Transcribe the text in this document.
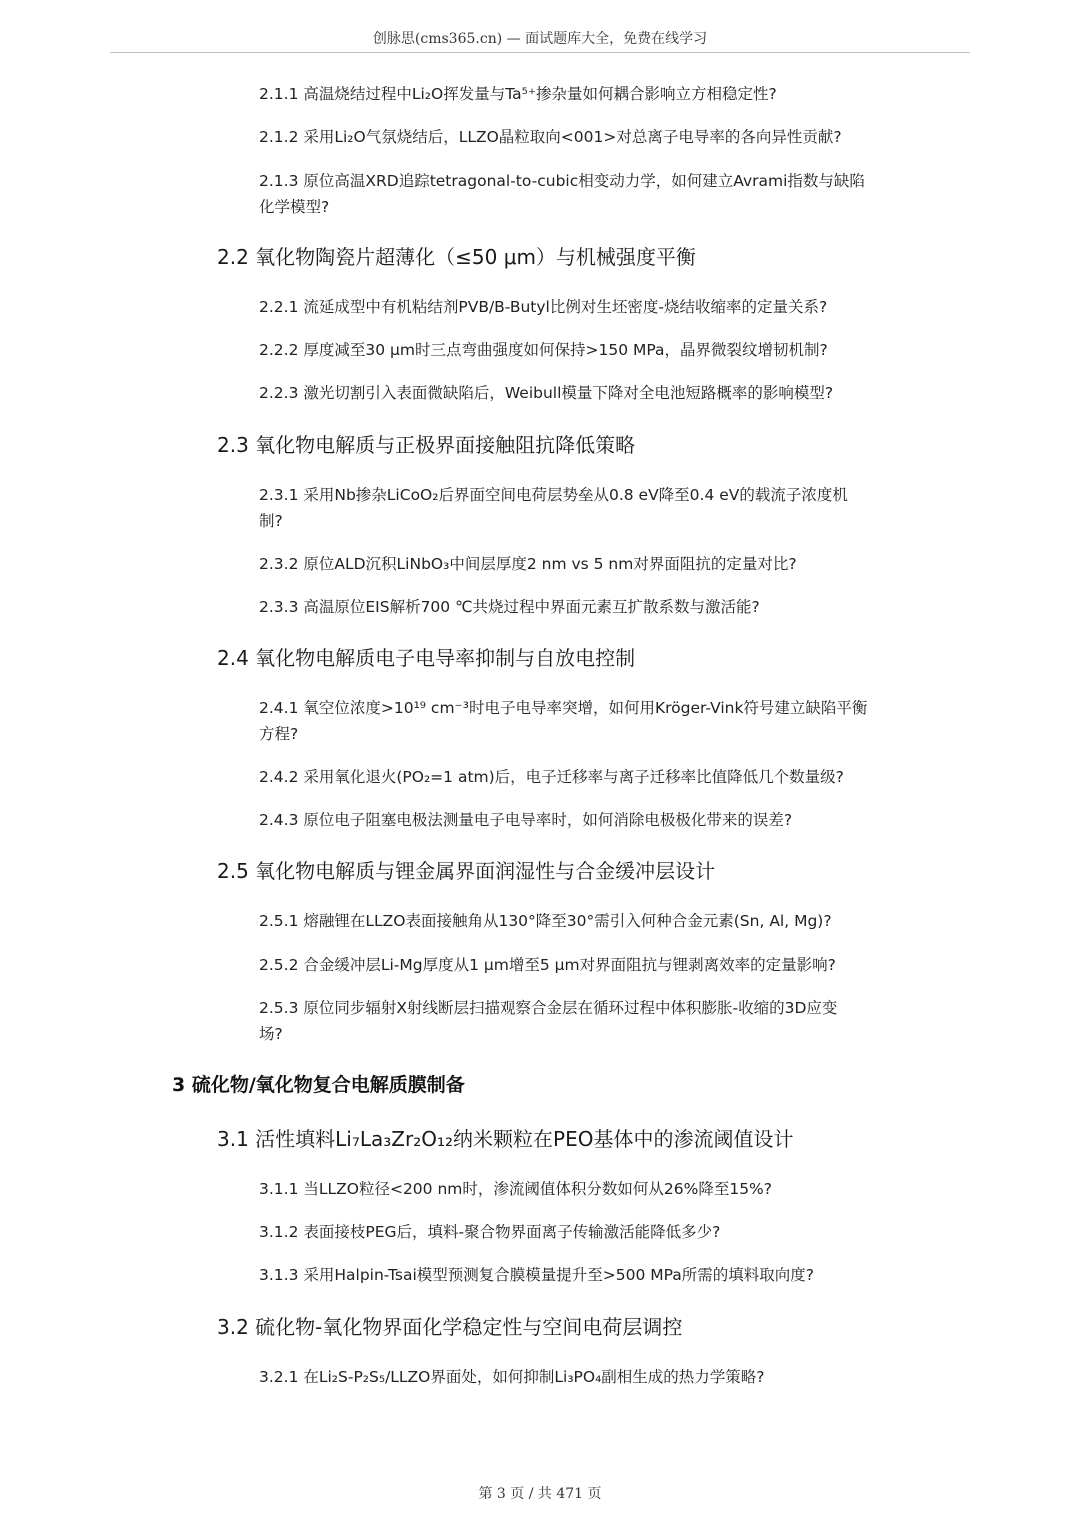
创脉思(cms365.cn) — 面试题库大全，免费在线学习
2.1.1 高温烧结过程中Li₂O挥发量与Ta⁵⁺掺杂量如何耦合影响立方相稳定性?
2.1.2 采用Li₂O气氛烧结后，LLZO晶粒取向<001>对总离子电导率的各向异性贡献?
2.1.3 原位高温XRD追踪tetragonal-to-cubic相变动力学，如何建立Avrami指数与缺陷
化学模型?
2.2 氧化物陶瓷片超薄化（≤50 μm）与机械强度平衡
2.2.1 流延成型中有机粘结剂PVB/B-Butyl比例对生坯密度-烧结收缩率的定量关系?
2.2.2 厚度减至30 μm时三点弯曲强度如何保持>150 MPa，晶界微裂纹增韧机制?
2.2.3 激光切割引入表面微缺陷后，Weibull模量下降对全电池短路概率的影响模型?
2.3 氧化物电解质与正极界面接触阻抗降低策略
2.3.1 采用Nb掺杂LiCoO₂后界面空间电荷层势垒从0.8 eV降至0.4 eV的载流子浓度机
制?
2.3.2 原位ALD沉积LiNbO₃中间层厚度2 nm vs 5 nm对界面阻抗的定量对比?
2.3.3 高温原位EIS解析700 ℃共烧过程中界面元素互扩散系数与激活能?
2.4 氧化物电解质电子电导率抑制与自放电控制
2.4.1 氧空位浓度>10¹⁹ cm⁻³时电子电导率突增，如何用Kröger-Vink符号建立缺陷平衡
方程?
2.4.2 采用氧化退火(PO₂=1 atm)后，电子迁移率与离子迁移率比值降低几个数量级?
2.4.3 原位电子阻塞电极法测量电子电导率时，如何消除电极极化带来的误差?
2.5 氧化物电解质与锂金属界面润湿性与合金缓冲层设计
2.5.1 熔融锂在LLZO表面接触角从130°降至30°需引入何种合金元素(Sn, Al, Mg)?
2.5.2 合金缓冲层Li-Mg厚度从1 μm增至5 μm对界面阻抗与锂剥离效率的定量影响?
2.5.3 原位同步辐射X射线断层扫描观察合金层在循环过程中体积膨胀-收缩的3D应变
场?
3 硫化物/氧化物复合电解质膜制备
3.1 活性填料Li₇La₃Zr₂O₁₂纳米颗粒在PEO基体中的渗流阈值设计
3.1.1 当LLZO粒径<200 nm时，渗流阈值体积分数如何从26%降至15%?
3.1.2 表面接枝PEG后，填料-聚合物界面离子传输激活能降低多少?
3.1.3 采用Halpin-Tsai模型预测复合膜模量提升至>500 MPa所需的填料取向度?
3.2 硫化物-氧化物界面化学稳定性与空间电荷层调控
3.2.1 在Li₂S-P₂S₅/LLZO界面处，如何抑制Li₃PO₄副相生成的热力学策略?
第 3 页 / 共 471 页
